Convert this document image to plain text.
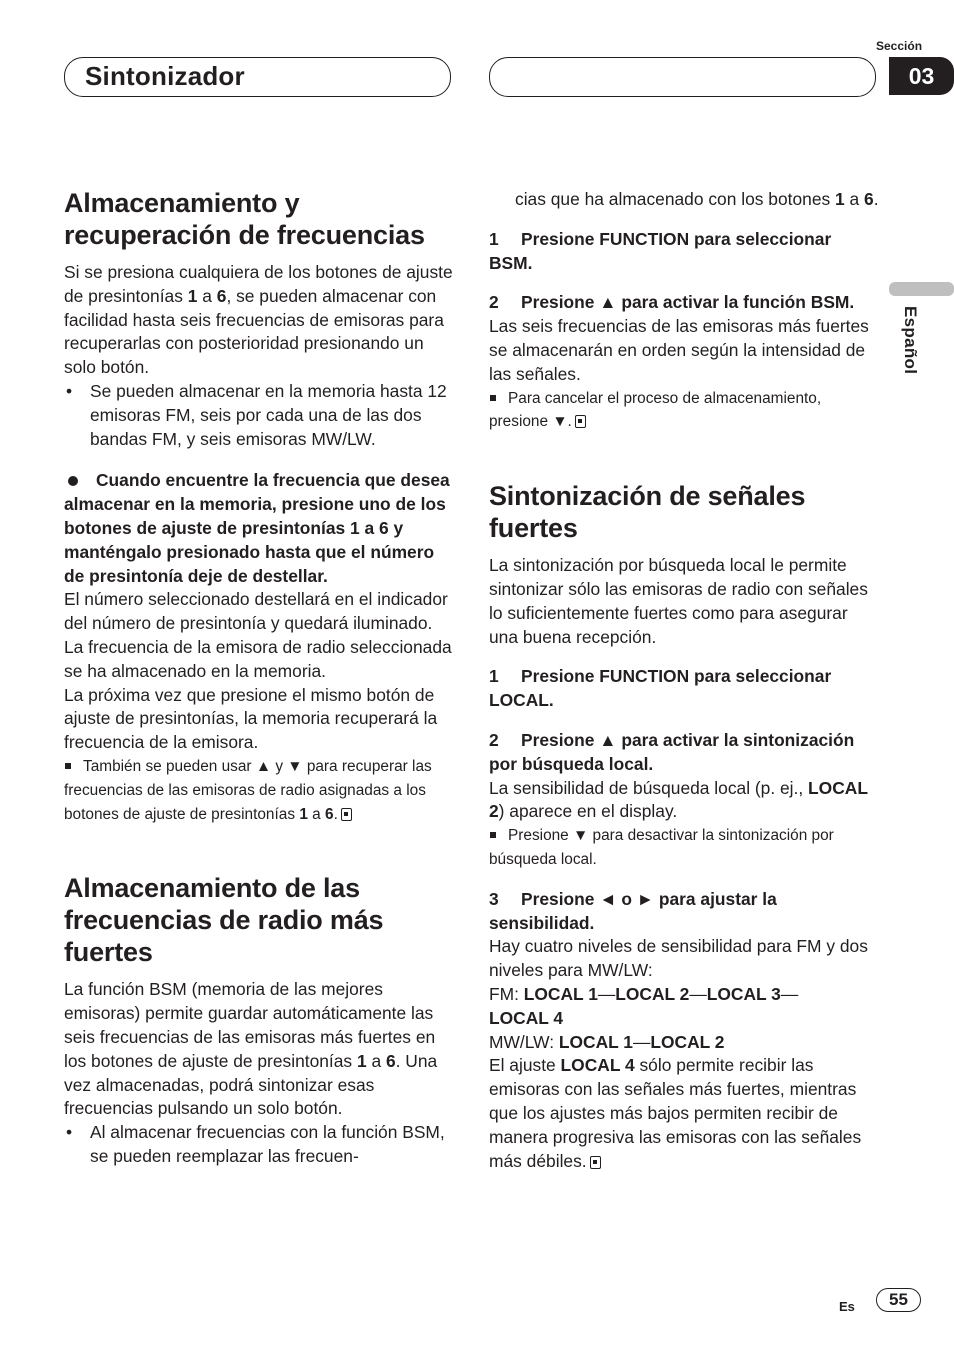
Sintonizador
Sección
03
Español
Almacenamiento y recuperación de frecuencias

Si se presiona cualquiera de los botones de ajuste de presintonías 1 a 6, se pueden almacenar con facilidad hasta seis frecuencias de emisoras para recuperarlas con posterioridad presionando un solo botón.

• Se pueden almacenar en la memoria hasta 12 emisoras FM, seis por cada una de las dos bandas FM, y seis emisoras MW/LW.

Cuando encuentre la frecuencia que desea almacenar en la memoria, presione uno de los botones de ajuste de presintonías 1 a 6 y manténgalo presionado hasta que el número de presintonía deje de destellar.

El número seleccionado destellará en el indicador del número de presintonía y quedará iluminado. La frecuencia de la emisora de radio seleccionada se ha almacenado en la memoria.

La próxima vez que presione el mismo botón de ajuste de presintonías, la memoria recuperará la frecuencia de la emisora.

También se pueden usar ▲ y ▼ para recuperar las frecuencias de las emisoras de radio asignadas a los botones de ajuste de presintonías 1 a 6.

Almacenamiento de las frecuencias de radio más fuertes

La función BSM (memoria de las mejores emisoras) permite guardar automáticamente las seis frecuencias de las emisoras más fuertes en los botones de ajuste de presintonías 1 a 6. Una vez almacenadas, podrá sintonizar esas frecuencias pulsando un solo botón.

• Al almacenar frecuencias con la función BSM, se pueden reemplazar las frecuen-

cias que ha almacenado con los botones 1 a 6.

1 Presione FUNCTION para seleccionar BSM.

2 Presione ▲ para activar la función BSM.

Las seis frecuencias de las emisoras más fuertes se almacenarán en orden según la intensidad de las señales.

Para cancelar el proceso de almacenamiento, presione ▼.

Sintonización de señales fuertes

La sintonización por búsqueda local le permite sintonizar sólo las emisoras de radio con señales lo suficientemente fuertes como para asegurar una buena recepción.

1 Presione FUNCTION para seleccionar LOCAL.

2 Presione ▲ para activar la sintonización por búsqueda local.

La sensibilidad de búsqueda local (p. ej., LOCAL 2) aparece en el display.

Presione ▼ para desactivar la sintonización por búsqueda local.

3 Presione ◄ o ► para ajustar la sensibilidad.

Hay cuatro niveles de sensibilidad para FM y dos niveles para MW/LW:

FM: LOCAL 1—LOCAL 2—LOCAL 3—
LOCAL 4

MW/LW: LOCAL 1—LOCAL 2

El ajuste LOCAL 4 sólo permite recibir las emisoras con las señales más fuertes, mientras que los ajustes más bajos permiten recibir de manera progresiva las emisoras con las señales más débiles.

Es	55
